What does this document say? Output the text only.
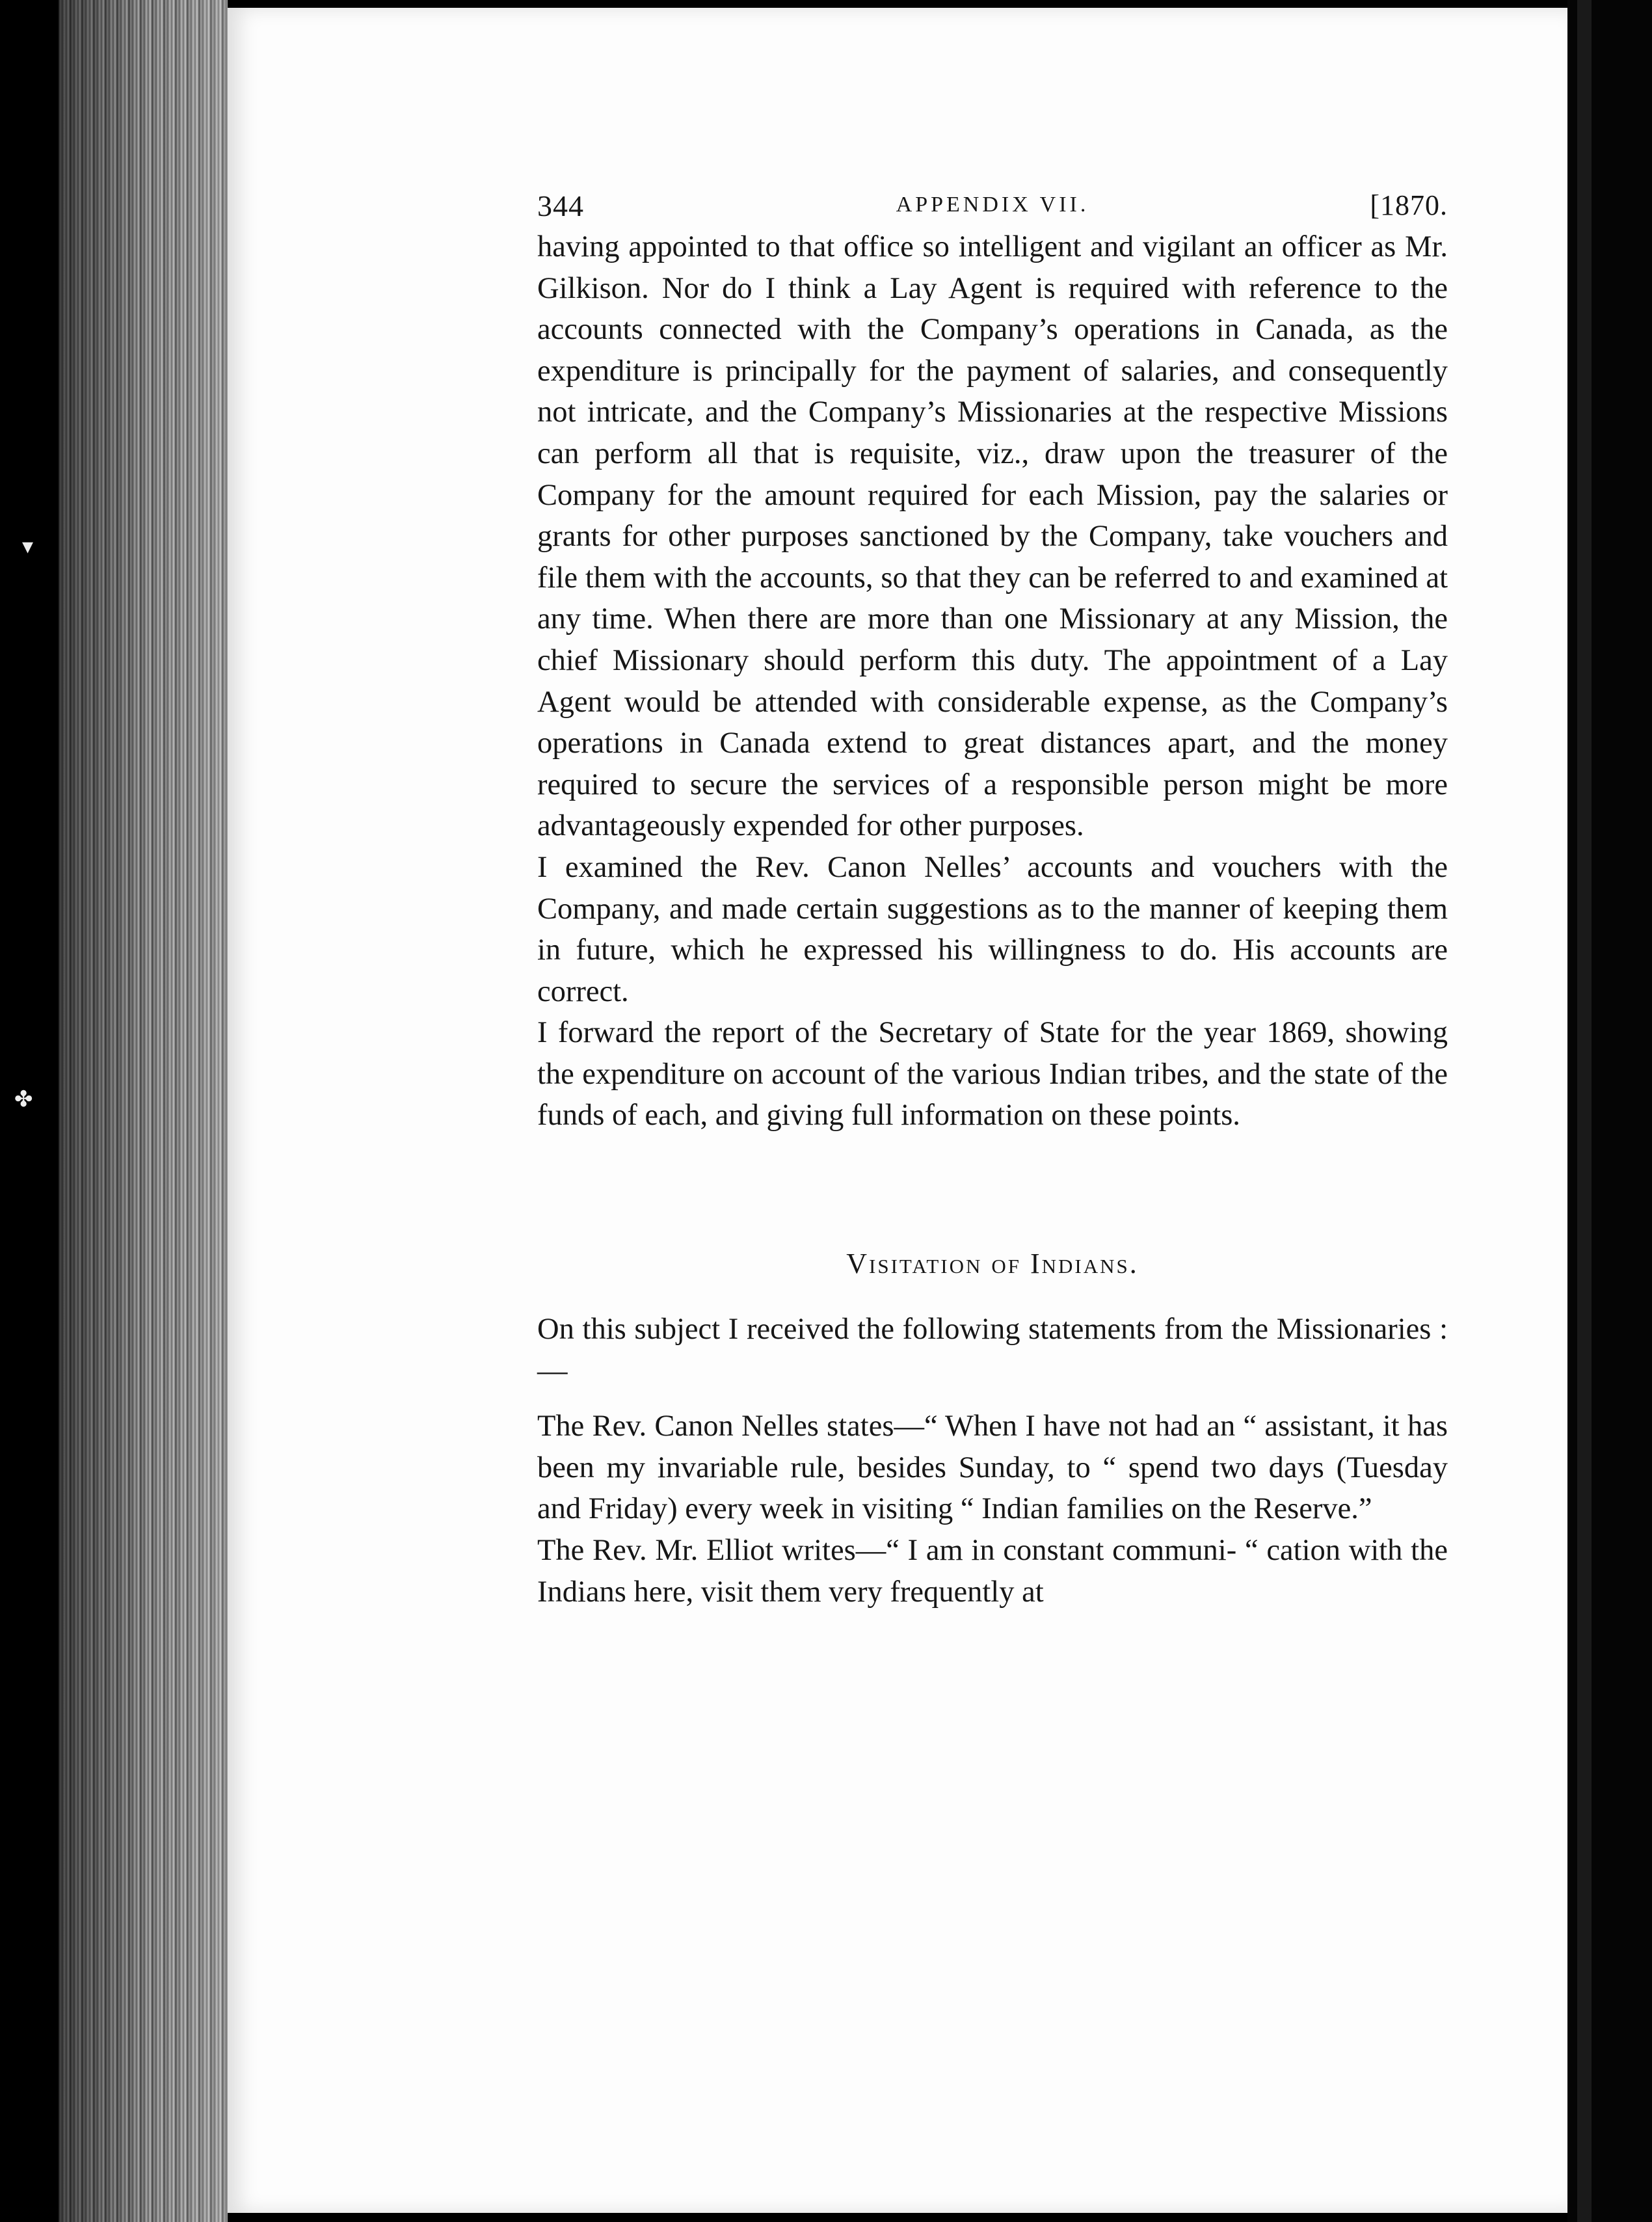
▾
✤
344	APPENDIX VII.	[1870.

having appointed to that office so intelligent and vigilant an officer as Mr. Gilkison. Nor do I think a Lay Agent is required with reference to the accounts connected with the Company’s operations in Canada, as the expenditure is principally for the payment of salaries, and consequently not intricate, and the Company’s Missionaries at the respective Missions can perform all that is requisite, viz., draw upon the treasurer of the Company for the amount required for each Mission, pay the salaries or grants for other purposes sanctioned by the Company, take vouchers and file them with the accounts, so that they can be referred to and examined at any time. When there are more than one Missionary at any Mission, the chief Missionary should perform this duty. The appointment of a Lay Agent would be attended with considerable expense, as the Company’s operations in Canada extend to great distances apart, and the money required to secure the services of a responsible person might be more advantageously expended for other purposes.

I examined the Rev. Canon Nelles’ accounts and vouchers with the Company, and made certain suggestions as to the manner of keeping them in future, which he expressed his willingness to do. His accounts are correct.

I forward the report of the Secretary of State for the year 1869, showing the expenditure on account of the various Indian tribes, and the state of the funds of each, and giving full information on these points.

Visitation of Indians.

On this subject I received the following statements from the Missionaries :—

The Rev. Canon Nelles states—“ When I have not had an “ assistant, it has been my invariable rule, besides Sunday, to “ spend two days (Tuesday and Friday) every week in visiting “ Indian families on the Reserve.”

The Rev. Mr. Elliot writes—“ I am in constant communi- “ cation with the Indians here, visit them very frequently at
